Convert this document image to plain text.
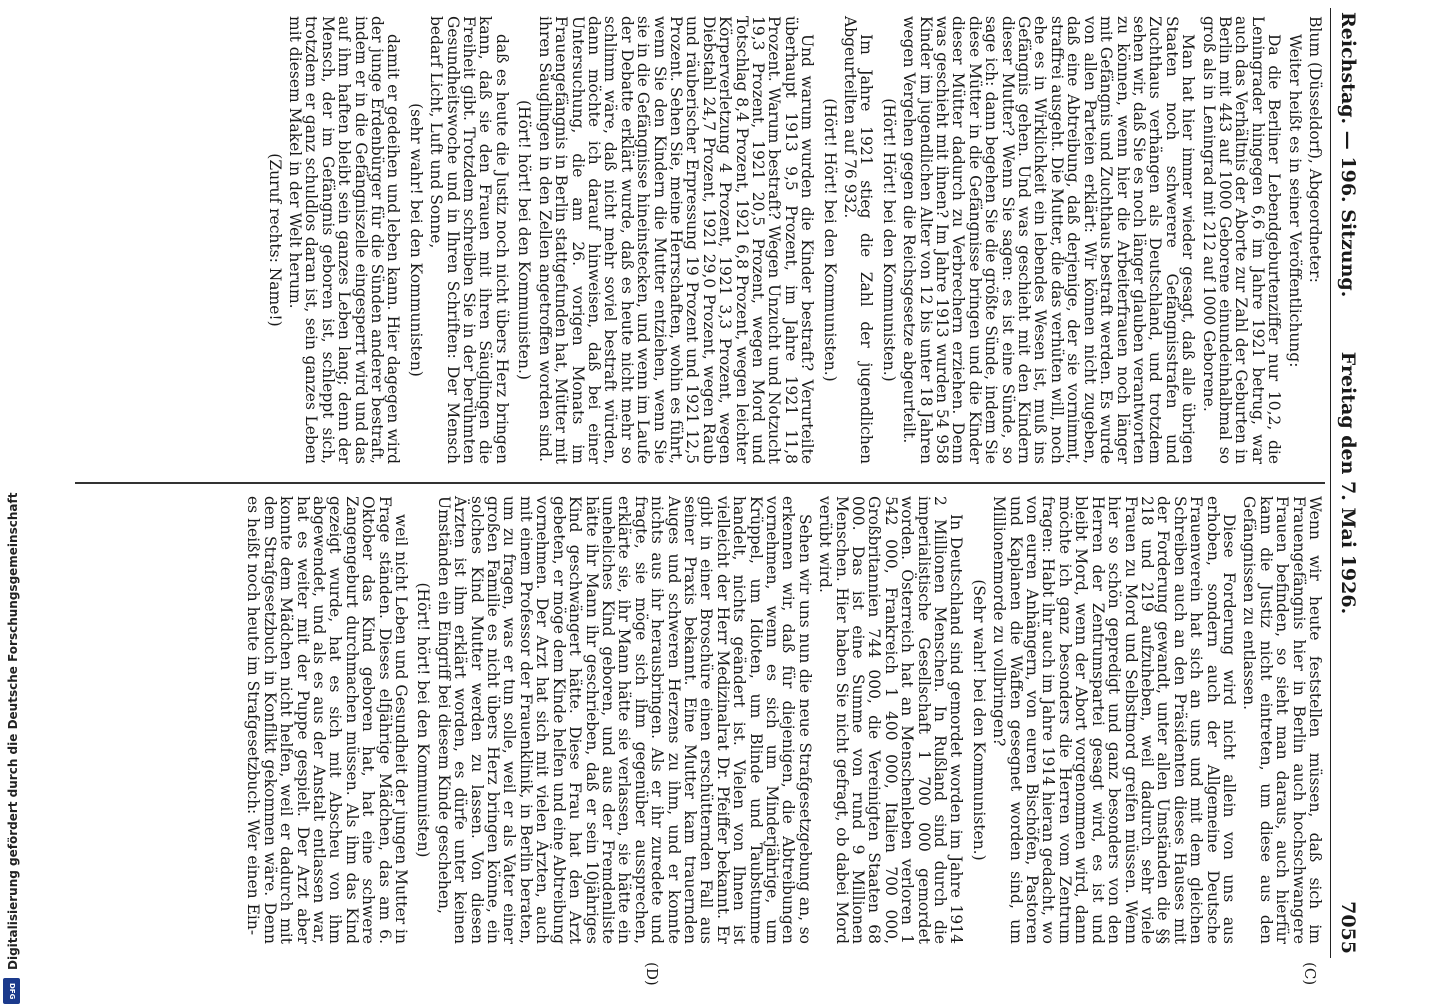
Reichstag. — 196. Sitzung.
Freitag den 7. Mai 1926.
7055
(C)
(D)

Blum (Düsseldorf), Abgeordneter:

Weiter heißt es in seiner Veröffentlichung:

Da die Berliner Lebendgeburtenziffer nur 10,2, die Leningrader hingegen 6,6 im Jahre 1921 betrug, war auch das Verhältnis der Aborte zur Zahl der Geburten in Berlin mit 443 auf 1000 Geborene einundeinhalbmal so groß als in Leningrad mit 212 auf 1000 Geborene.

Man hat hier immer wieder gesagt, daß alle übrigen Staaten noch schwerere Gefängnisstrafen und Zuchthaus verhängen als Deutschland, und trotzdem sehen wir, daß Sie es noch länger glauben verantworten zu können, wenn hier die Arbeiterfrauen noch länger mit Gefängnis und Zuchthaus bestraft werden. Es wurde von allen Parteien erklärt: Wir können nicht zugeben, daß eine Abtreibung, daß derjenige, der sie vornimmt, straffrei ausgeht. Die Mutter, die das verhüten will, noch ehe es in Wirklichkeit ein lebendes Wesen ist, muß ins Gefängnis gehen. Und was geschieht mit den Kindern dieser Mutter? Wenn Sie sagen: es ist eine Sünde, so sage ich: dann begehen Sie die größte Sünde, indem Sie diese Mütter in die Gefängnisse bringen und die Kinder dieser Mütter dadurch zu Verbrechern erziehen. Denn was geschieht mit ihnen? Im Jahre 1913 wurden 54 958 Kinder im jugendlichen Alter von 12 bis unter 18 Jahren wegen Vergehen gegen die Reichsgesetze abgeurteilt.

(Hört! Hört! bei den Kommunisten.)

Im Jahre 1921 stieg die Zahl der jugendlichen Abgeurteilten auf 76 932.

(Hört! Hört! bei den Kommunisten.)

Und warum wurden die Kinder bestraft? Verurteilte überhaupt 1913 9,5 Prozent, im Jahre 1921 11,8 Prozent. Warum bestraft? Wegen Unzucht und Notzucht 19,3 Prozent, 1921 20,5 Prozent, wegen Mord und Totschlag 8,4 Prozent, 1921 6,8 Prozent, wegen leichter Körperverletzung 4 Prozent, 1921 3,3 Prozent, wegen Diebstahl 24,7 Prozent, 1921 29,0 Prozent, wegen Raub und räuberischer Erpressung 19 Prozent und 1921 12,5 Prozent. Sehen Sie, meine Herrschaften, wohin es führt, wenn Sie den Kindern die Mutter entziehen, wenn Sie sie in die Gefängnisse hineinstecken, und wenn im Laufe der Debatte erklärt wurde, daß es heute nicht mehr so schlimm wäre, daß nicht mehr soviel bestraft würden, dann möchte ich darauf hinweisen, daß bei einer Untersuchung, die am 26. vorigen Monats im Frauengefängnis in Berlin stattgefunden hat, Mütter mit ihren Säuglingen in den Zellen angetroffen worden sind.

(Hört! hört! bei den Kommunisten.)

daß es heute die Justiz noch nicht übers Herz bringen kann, daß sie den Frauen mit ihren Säuglingen die Freiheit gibt. Trotzdem schreiben Sie in der berühmten Gesundheitswoche und in Ihren Schriften: Der Mensch bedarf Licht, Luft und Sonne,

(sehr wahr! bei den Kommunisten)

damit er gedeihen und leben kann. Hier dagegen wird der junge Erdenbürger für die Sünden anderer bestraft, indem er in die Gefängniszelle eingesperrt wird und das auf ihm haften bleibt sein ganzes Leben lang; denn der Mensch, der im Gefängnis geboren ist, schleppt sich, trotzdem er ganz schuldlos daran ist, sein ganzes Leben mit diesem Makel in der Welt herum.

(Zuruf rechts: Name!)

Wenn wir heute feststellen müssen, daß sich im Frauengefängnis hier in Berlin auch hochschwangere Frauen befinden, so sieht man daraus, auch hierfür kann die Justiz nicht eintreten, um diese aus den Gefängnissen zu entlassen.

Diese Forderung wird nicht allein von uns aus erhoben, sondern auch der Allgemeine Deutsche Frauenverein hat sich an uns und mit dem gleichen Schreiben auch an den Präsidenten dieses Hauses mit der Forderung gewandt, unter allen Umständen die §§ 218 und 219 aufzuheben, weil dadurch sehr viele Frauen zu Mord und Selbstmord greifen müssen. Wenn hier so schön gepredigt und ganz besonders von den Herren der Zentrumspartei gesagt wird, es ist und bleibt Mord, wenn der Abort vorgenommen wird, dann möchte ich ganz besonders die Herren vom Zentrum fragen: Habt ihr auch im Jahre 1914 hieran gedacht, wo von euren Anhängern, von euren Bischöfen, Pastoren und Kaplanen die Waffen gesegnet worden sind, um Millionenmorde zu vollbringen?

(Sehr wahr! bei den Kommunisten.)

In Deutschland sind gemordet worden im Jahre 1914 2 Millionen Menschen. In Rußland sind durch die imperialistische Gesellschaft 1 700 000 gemordet worden. Österreich hat an Menschenleben verloren 1 542 000, Frankreich 1 400 000, Italien 700 000, Großbritannien 744 000, die Vereinigten Staaten 68 000. Das ist eine Summe von rund 9 Millionen Menschen. Hier haben Sie nicht gefragt, ob dabei Mord verübt wird.

Sehen wir uns nun die neue Strafgesetzgebung an, so erkennen wir, daß für diejenigen, die Abtreibungen vornehmen, wenn es sich um Minderjährige, um Krüppel, um Idioten, um Blinde und Taubstumme handelt, nichts geändert ist. Vielen von Ihnen ist vielleicht der Herr Medizinalrat Dr. Pfeiffer bekannt. Er gibt in einer Broschüre einen erschütternden Fall aus seiner Praxis bekannt. Eine Mutter kam trauernden Auges und schweren Herzens zu ihm, und er konnte nichts aus ihr herausbringen. Als er ihr zuredete und fragte, sie möge sich ihm gegenüber aussprechen, erklärte sie, ihr Mann hätte sie verlassen, sie hätte ein uneheliches Kind geboren, und aus der Fremdenliste hätte ihr Mann ihr geschrieben, daß er sein 10jähriges Kind geschwängert hätte. Diese Frau hat den Arzt gebeten, er möge dem Kinde helfen und eine Abtreibung vornehmen. Der Arzt hat sich mit vielen Ärzten, auch mit einem Professor der Frauenklinik, in Berlin beraten, um zu fragen, was er tun solle, weil er als Vater einer großen Familie es nicht übers Herz bringen könne, ein solches Kind Mutter werden zu lassen. Von diesen Ärzten ist ihm erklärt worden, es dürfe unter keinen Umständen ein Eingriff bei diesem Kinde geschehen,

(Hört! hört! bei den Kommunisten)

weil nicht Leben und Gesundheit der jungen Mutter in Frage ständen. Dieses elfjährige Mädchen, das am 6. Oktober das Kind geboren hat, hat eine schwere Zangengeburt durchmachen müssen. Als ihm das Kind gezeigt wurde, hat es sich mit Abscheu von ihm abgewendet, und als es aus der Anstalt entlassen war, hat es weiter mit der Puppe gespielt. Der Arzt aber konnte dem Mädchen nicht helfen, weil er dadurch mit dem Strafgesetzbuch in Konflikt gekommen wäre. Denn es heißt noch heute im Strafgesetzbuch: Wer einen Ein-

Digitalisierung gefördert durch die Deutsche Forschungsgemeinschaft
DFG
